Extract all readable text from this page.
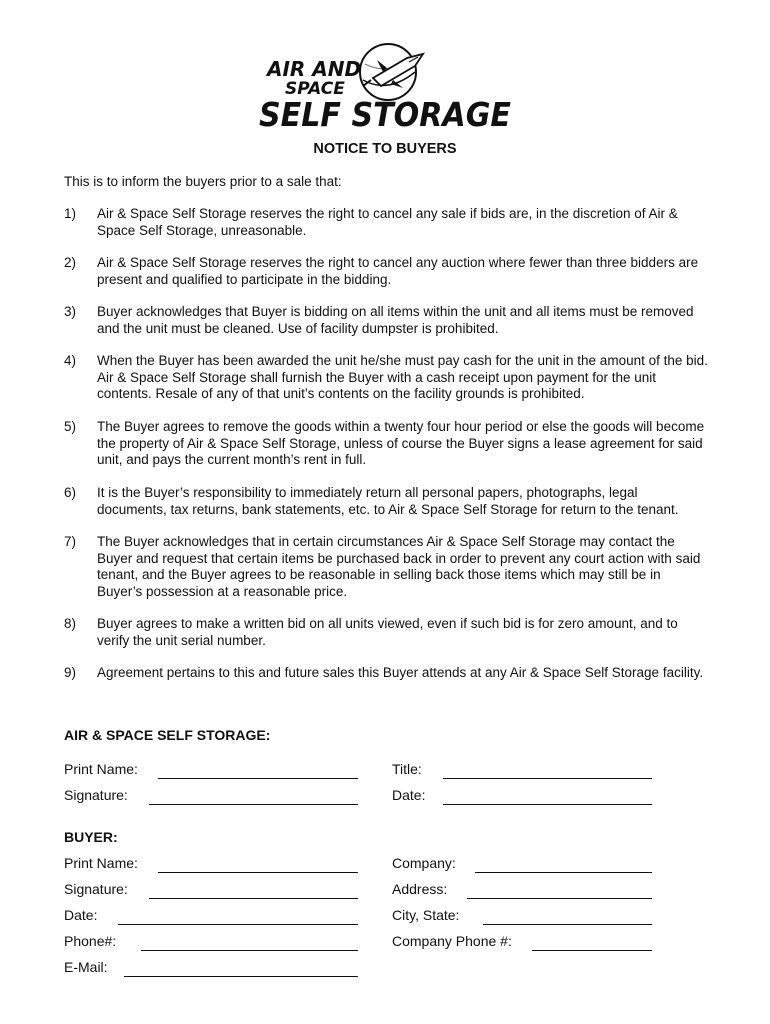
AIR AND
SPACE
SELF STORAGE
NOTICE TO BUYERS
This is to inform the buyers prior to a sale that:
1) Air & Space Self Storage reserves the right to cancel any sale if bids are, in the discretion of Air & Space Self Storage, unreasonable.
2) Air & Space Self Storage reserves the right to cancel any auction where fewer than three bidders are present and qualified to participate in the bidding.
3) Buyer acknowledges that Buyer is bidding on all items within the unit and all items must be removed and the unit must be cleaned. Use of facility dumpster is prohibited.
4) When the Buyer has been awarded the unit he/she must pay cash for the unit in the amount of the bid. Air & Space Self Storage shall furnish the Buyer with a cash receipt upon payment for the unit contents. Resale of any of that unit’s contents on the facility grounds is prohibited.
5) The Buyer agrees to remove the goods within a twenty four hour period or else the goods will become the property of Air & Space Self Storage, unless of course the Buyer signs a lease agreement for said unit, and pays the current month’s rent in full.
6) It is the Buyer’s responsibility to immediately return all personal papers, photographs, legal documents, tax returns, bank statements, etc. to Air & Space Self Storage for return to the tenant.
7) The Buyer acknowledges that in certain circumstances Air & Space Self Storage may contact the Buyer and request that certain items be purchased back in order to prevent any court action with said tenant, and the Buyer agrees to be reasonable in selling back those items which may still be in Buyer’s possession at a reasonable price.
8) Buyer agrees to make a written bid on all units viewed, even if such bid is for zero amount, and to verify the unit serial number.
9) Agreement pertains to this and future sales this Buyer attends at any Air & Space Self Storage facility.
AIR & SPACE SELF STORAGE:
Print Name:	Title:
Signature:	Date:
BUYER:
Print Name:	Company:
Signature:	Address:
Date:	City, State:
Phone#:	Company Phone #:
E-Mail:
